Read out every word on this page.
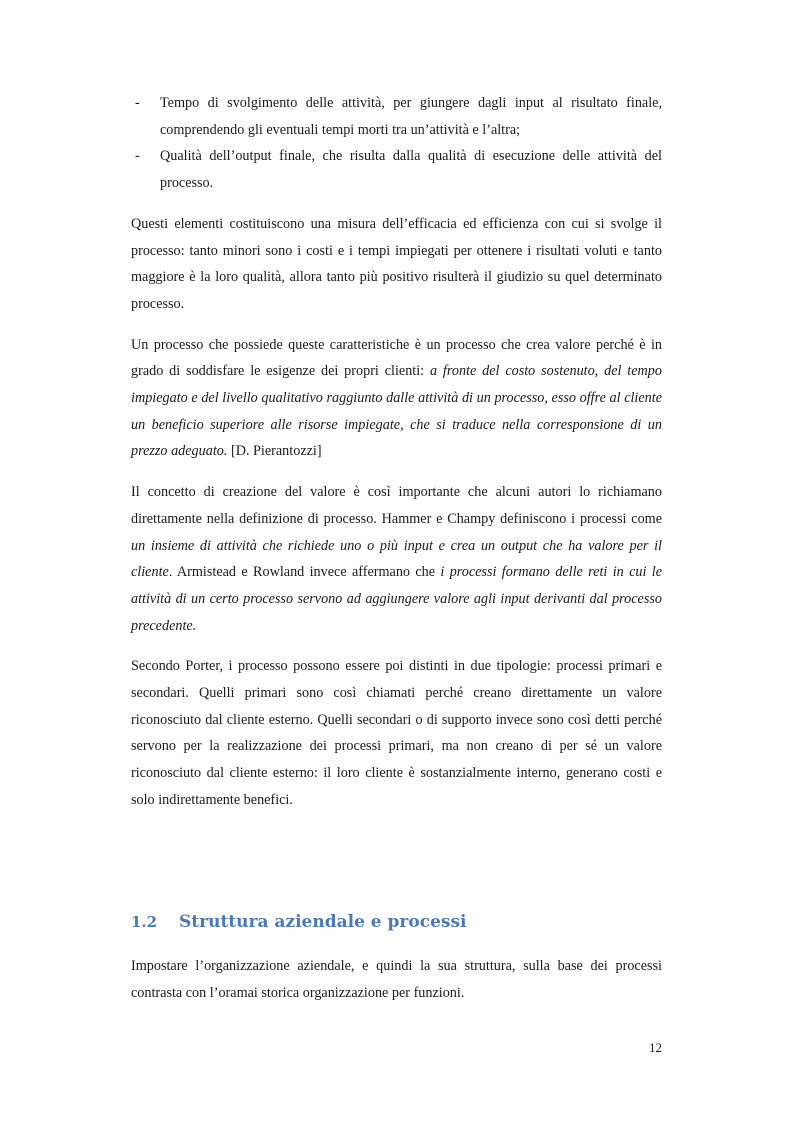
- Tempo di svolgimento delle attività, per giungere dagli input al risultato finale, comprendendo gli eventuali tempi morti tra un’attività e l’altra;
- Qualità dell’output finale, che risulta dalla qualità di esecuzione delle attività del processo.

Questi elementi costituiscono una misura dell’efficacia ed efficienza con cui si svolge il processo: tanto minori sono i costi e i tempi impiegati per ottenere i risultati voluti e tanto maggiore è la loro qualità, allora tanto più positivo risulterà il giudizio su quel determinato processo.

Un processo che possiede queste caratteristiche è un processo che crea valore perché è in grado di soddisfare le esigenze dei propri clienti: a fronte del costo sostenuto, del tempo impiegato e del livello qualitativo raggiunto dalle attività di un processo, esso offre al cliente un beneficio superiore alle risorse impiegate, che si traduce nella corresponsione di un prezzo adeguato. [D. Pierantozzi]

Il concetto di creazione del valore è così importante che alcuni autori lo richiamano direttamente nella definizione di processo. Hammer e Champy definiscono i processi come un insieme di attività che richiede uno o più input e crea un output che ha valore per il cliente. Armistead e Rowland invece affermano che i processi formano delle reti in cui le attività di un certo processo servono ad aggiungere valore agli input derivanti dal processo precedente.

Secondo Porter, i processo possono essere poi distinti in due tipologie: processi primari e secondari. Quelli primari sono così chiamati perché creano direttamente un valore riconosciuto dal cliente esterno. Quelli secondari o di supporto invece sono così detti perché servono per la realizzazione dei processi primari, ma non creano di per sé un valore riconosciuto dal cliente esterno: il loro cliente è sostanzialmente interno, generano costi e solo indirettamente benefici.

1.2 Struttura aziendale e processi

Impostare l’organizzazione aziendale, e quindi la sua struttura, sulla base dei processi contrasta con l’oramai storica organizzazione per funzioni.

12
